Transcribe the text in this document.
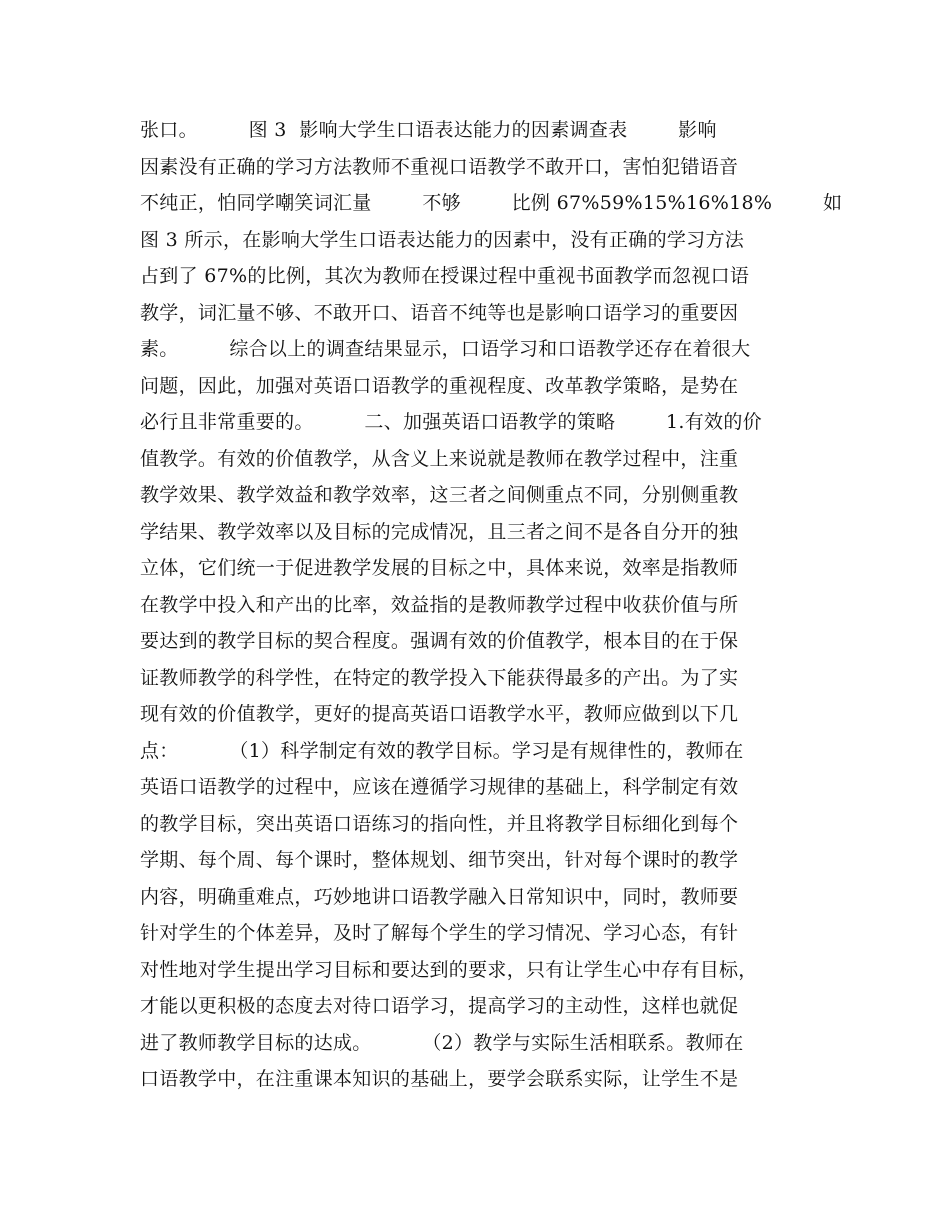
张口。        图 3  影响大学生口语表达能力的因素调查表        影响
因素没有正确的学习方法教师不重视口语教学不敢开口，害怕犯错语音
不纯正，怕同学嘲笑词汇量        不够        比例 67%59%15%16%18%        如
图 3 所示，在影响大学生口语表达能力的因素中，没有正确的学习方法
占到了 67%的比例，其次为教师在授课过程中重视书面教学而忽视口语
教学，词汇量不够、不敢开口、语音不纯等也是影响口语学习的重要因
素。        综合以上的调查结果显示，口语学习和口语教学还存在着很大
问题，因此，加强对英语口语教学的重视程度、改革教学策略，是势在
必行且非常重要的。        二、加强英语口语教学的策略        1.有效的价
值教学。有效的价值教学，从含义上来说就是教师在教学过程中，注重
教学效果、教学效益和教学效率，这三者之间侧重点不同，分别侧重教
学结果、教学效率以及目标的完成情况，且三者之间不是各自分开的独
立体，它们统一于促进教学发展的目标之中，具体来说，效率是指教师
在教学中投入和产出的比率，效益指的是教师教学过程中收获价值与所
要达到的教学目标的契合程度。强调有效的价值教学，根本目的在于保
证教师教学的科学性，在特定的教学投入下能获得最多的产出。为了实
现有效的价值教学，更好的提高英语口语教学水平，教师应做到以下几
点：        （1）科学制定有效的教学目标。学习是有规律性的，教师在
英语口语教学的过程中，应该在遵循学习规律的基础上，科学制定有效
的教学目标，突出英语口语练习的指向性，并且将教学目标细化到每个
学期、每个周、每个课时，整体规划、细节突出，针对每个课时的教学
内容，明确重难点，巧妙地讲口语教学融入日常知识中，同时，教师要
针对学生的个体差异，及时了解每个学生的学习情况、学习心态，有针
对性地对学生提出学习目标和要达到的要求，只有让学生心中存有目标，
才能以更积极的态度去对待口语学习，提高学习的主动性，这样也就促
进了教师教学目标的达成。        （2）教学与实际生活相联系。教师在
口语教学中，在注重课本知识的基础上，要学会联系实际，让学生不是
